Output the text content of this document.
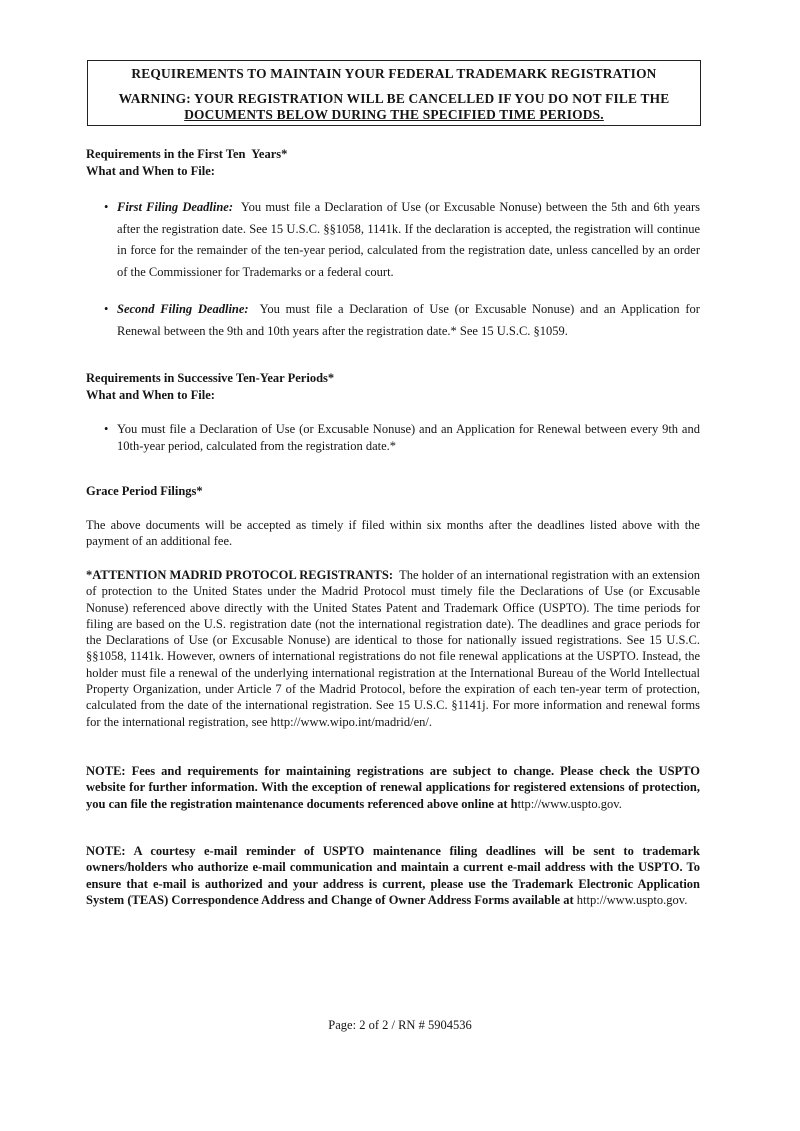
REQUIREMENTS TO MAINTAIN YOUR FEDERAL TRADEMARK REGISTRATION
WARNING: YOUR REGISTRATION WILL BE CANCELLED IF YOU DO NOT FILE THE
DOCUMENTS BELOW DURING THE SPECIFIED TIME PERIODS.
Requirements in the First Ten  Years*
What and When to File:
• First Filing Deadline: You must file a Declaration of Use (or Excusable Nonuse) between the 5th and 6th years after the registration date. See 15 U.S.C. §§1058, 1141k. If the declaration is accepted, the registration will continue in force for the remainder of the ten-year period, calculated from the registration date, unless cancelled by an order of the Commissioner for Trademarks or a federal court.
• Second Filing Deadline: You must file a Declaration of Use (or Excusable Nonuse) and an Application for Renewal between the 9th and 10th years after the registration date.* See 15 U.S.C. §1059.
Requirements in Successive Ten-Year Periods*
What and When to File:
• You must file a Declaration of Use (or Excusable Nonuse) and an Application for Renewal between every 9th and 10th-year period, calculated from the registration date.*
Grace Period Filings*
The above documents will be accepted as timely if filed within six months after the deadlines listed above with the payment of an additional fee.
*ATTENTION MADRID PROTOCOL REGISTRANTS: The holder of an international registration with an extension of protection to the United States under the Madrid Protocol must timely file the Declarations of Use (or Excusable Nonuse) referenced above directly with the United States Patent and Trademark Office (USPTO). The time periods for filing are based on the U.S. registration date (not the international registration date). The deadlines and grace periods for the Declarations of Use (or Excusable Nonuse) are identical to those for nationally issued registrations. See 15 U.S.C. §§1058, 1141k. However, owners of international registrations do not file renewal applications at the USPTO. Instead, the holder must file a renewal of the underlying international registration at the International Bureau of the World Intellectual Property Organization, under Article 7 of the Madrid Protocol, before the expiration of each ten-year term of protection, calculated from the date of the international registration. See 15 U.S.C. §1141j. For more information and renewal forms for the international registration, see http://www.wipo.int/madrid/en/.
NOTE: Fees and requirements for maintaining registrations are subject to change. Please check the USPTO website for further information. With the exception of renewal applications for registered extensions of protection, you can file the registration maintenance documents referenced above online at http://www.uspto.gov.
NOTE: A courtesy e-mail reminder of USPTO maintenance filing deadlines will be sent to trademark owners/holders who authorize e-mail communication and maintain a current e-mail address with the USPTO. To ensure that e-mail is authorized and your address is current, please use the Trademark Electronic Application System (TEAS) Correspondence Address and Change of Owner Address Forms available at http://www.uspto.gov.
Page: 2 of 2 / RN # 5904536
